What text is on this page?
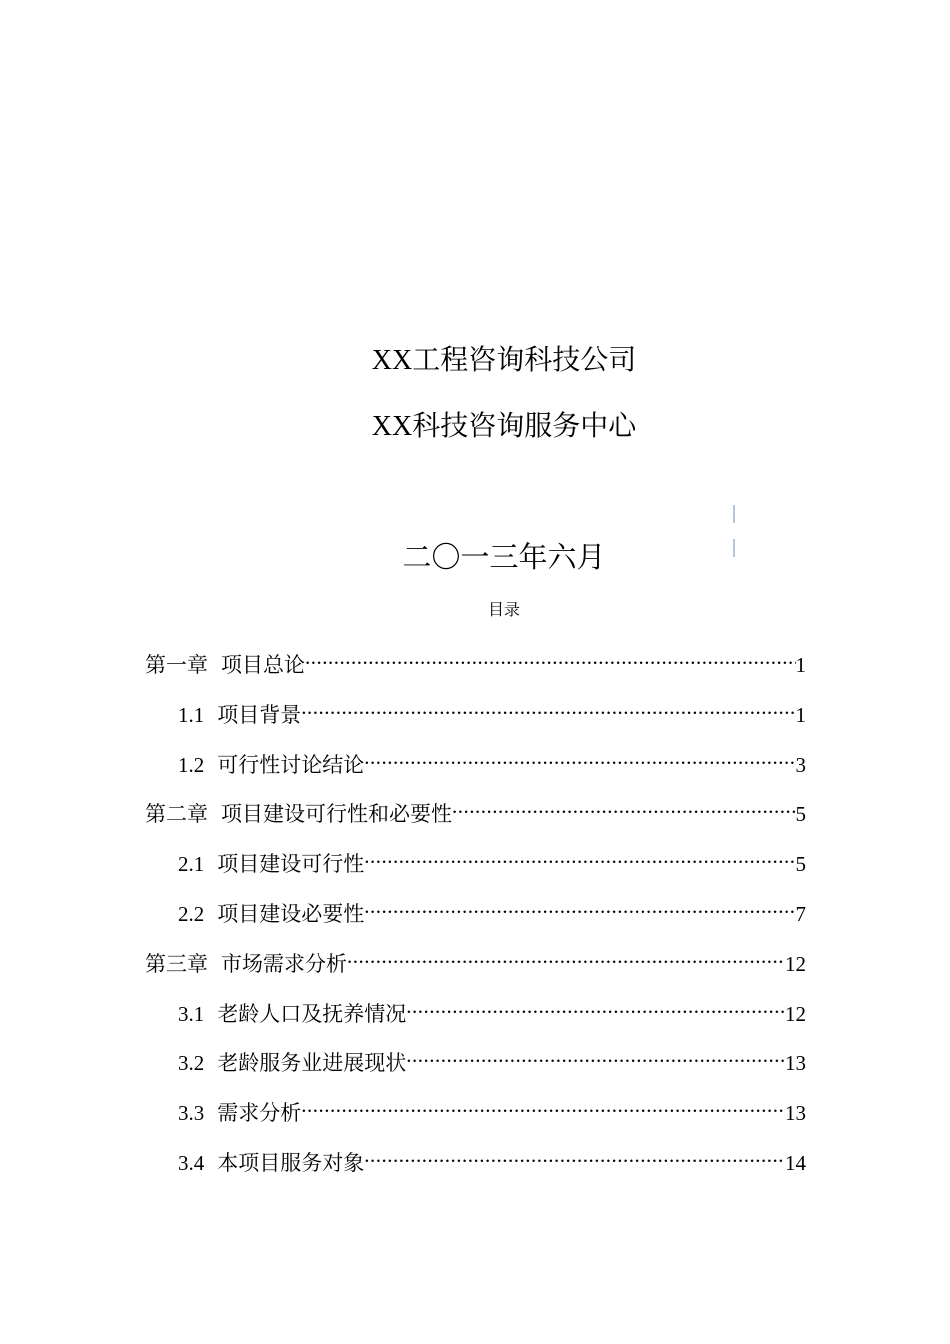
XX工程咨询科技公司
XX科技咨询服务中心
二〇一三年六月
目录
第一章 项目总论 .....	1
1.1 项目背景 .....	1
1.2 可行性讨论结论 .....	3
第二章 项目建设可行性和必要性 .....	5
2.1 项目建设可行性 .....	5
2.2 项目建设必要性 .....	7
第三章 市场需求分析 .....	12
3.1 老龄人口及抚养情况 .....	12
3.2 老龄服务业进展现状 .....	13
3.3 需求分析 .....	13
3.4 本项目服务对象 .....	14
